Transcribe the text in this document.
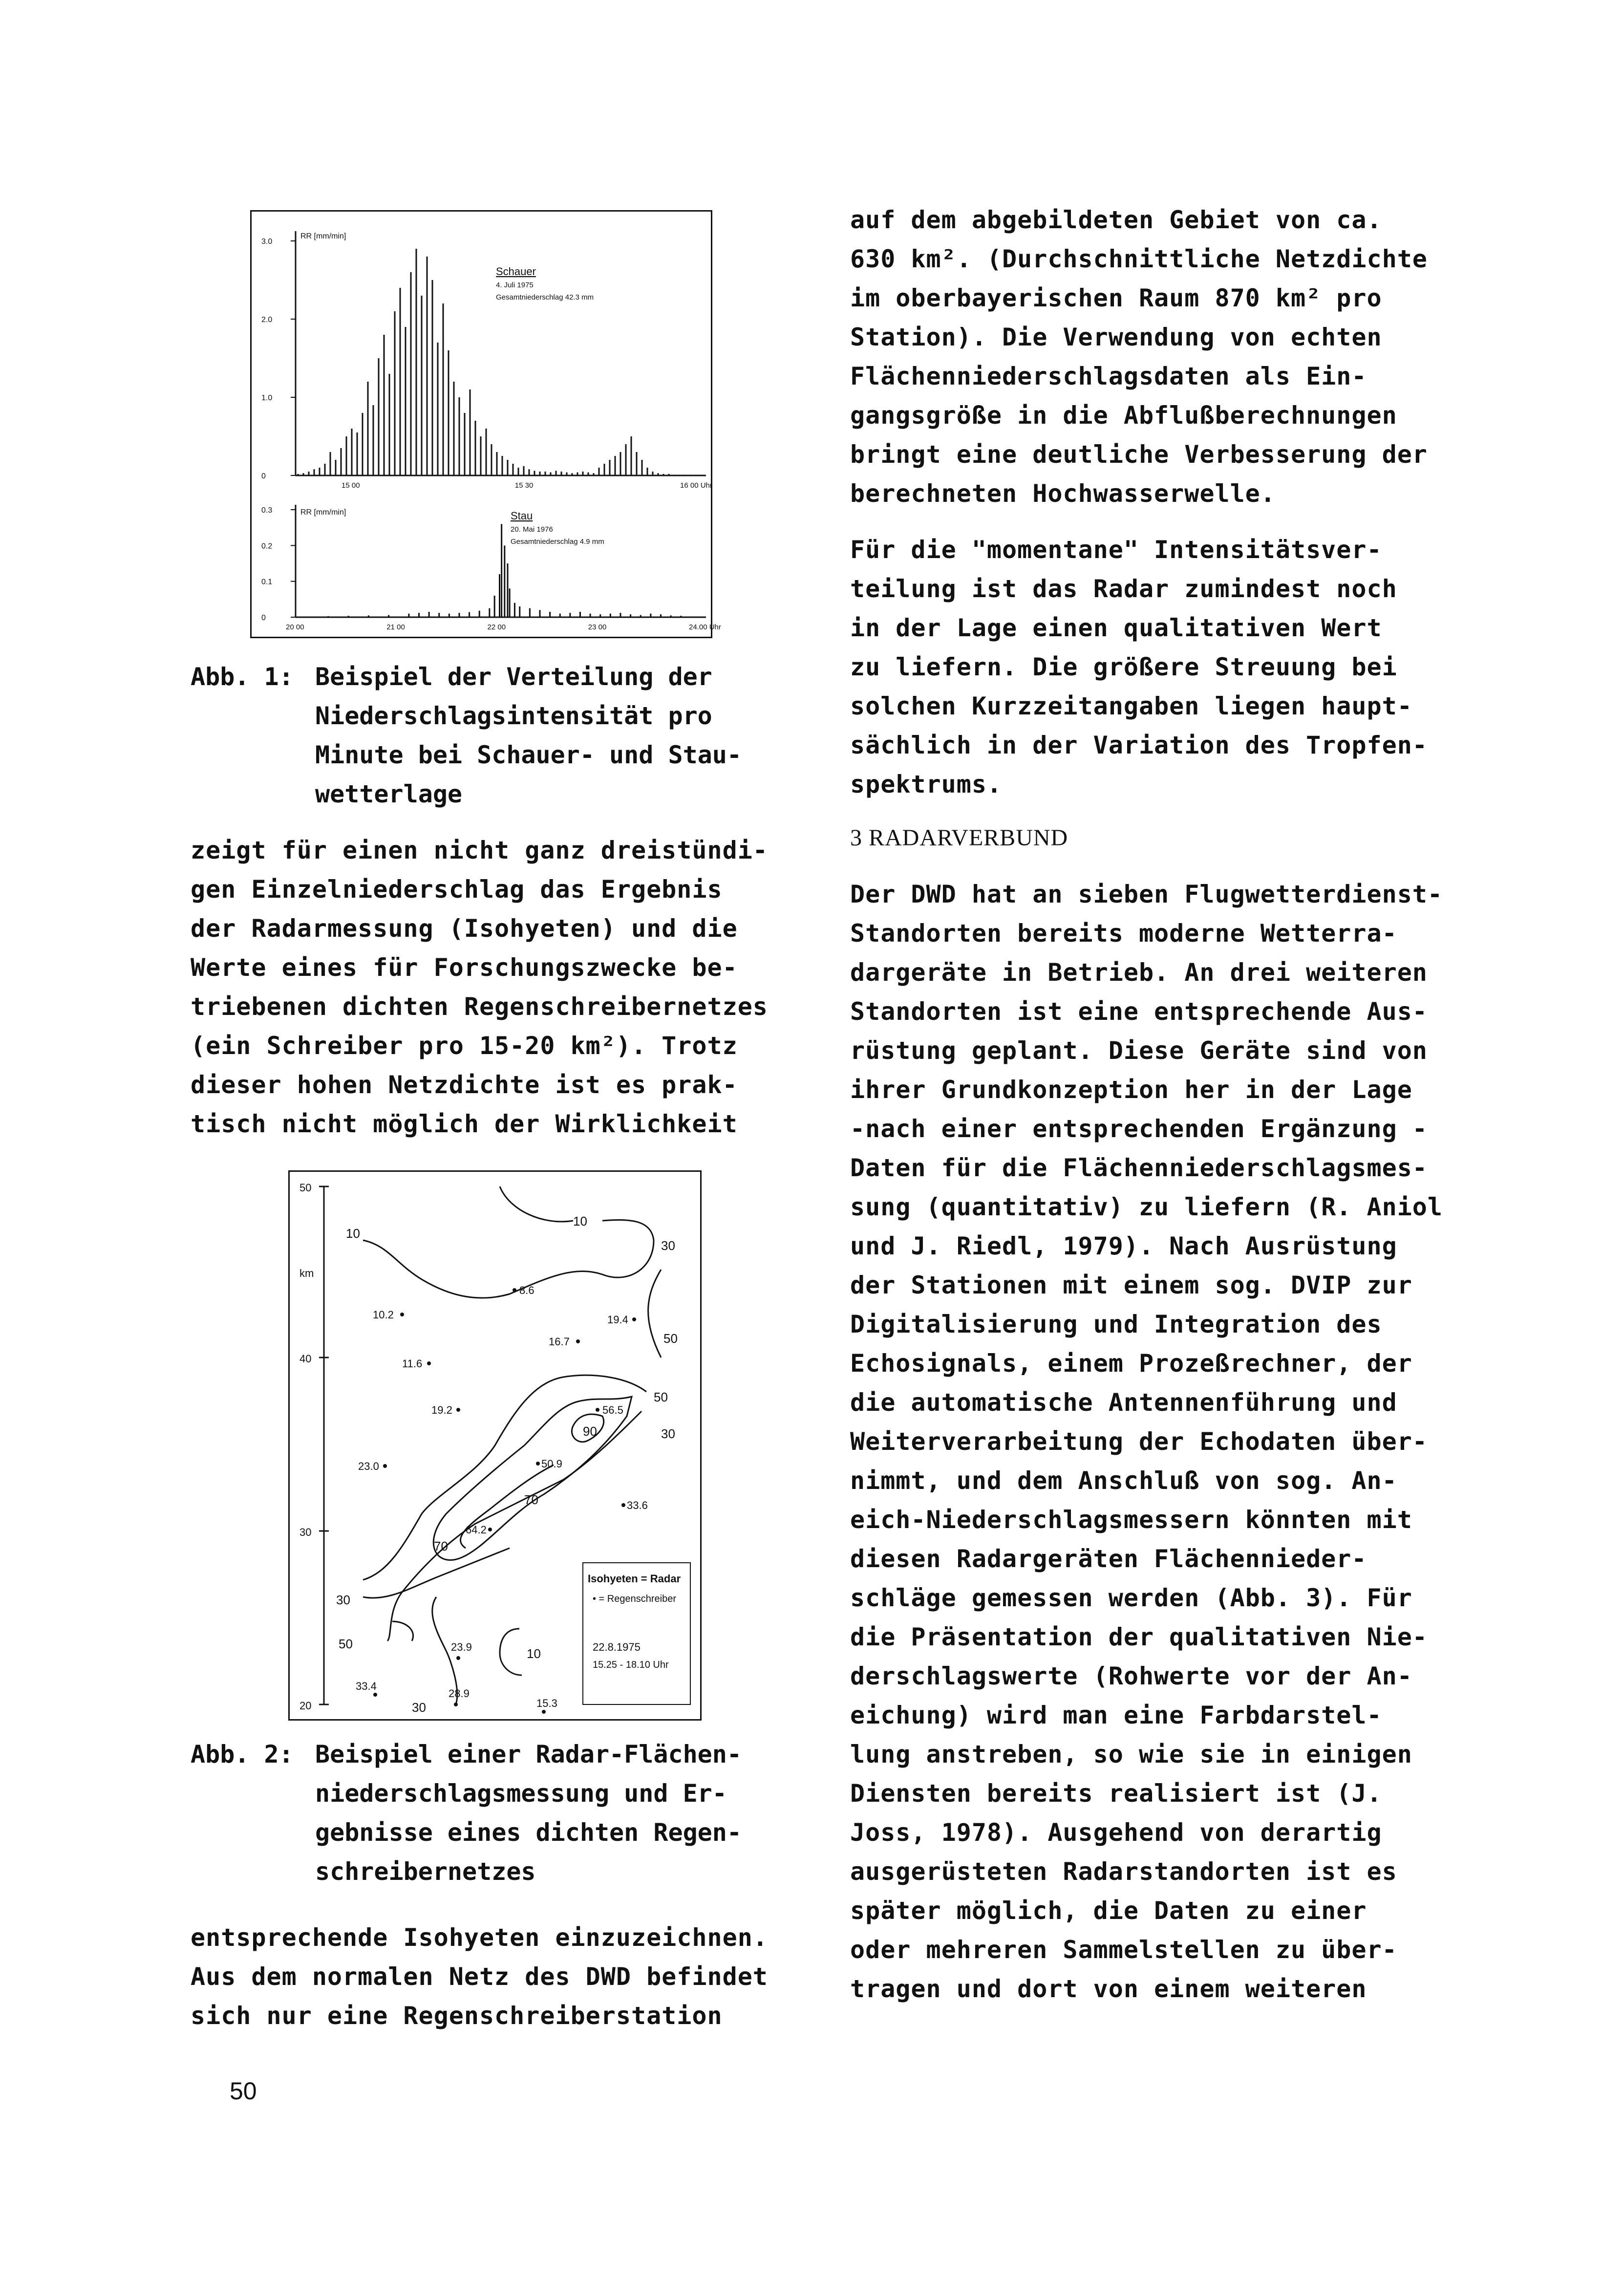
3.0
2.0
1.0
0
15 00	15 30	16 00 Uhr
RR [mm/min]
Schauer
4. Juli 1975
Gesamtniederschlag 42.3 mm
0.3
0.2
0.1
0
20 00	21 00	22 00	23 00	24.00 Uhr
RR [mm/min]	Stau
20. Mai 1976
Gesamtniederschlag 4.9 mm
Abb. 1: Beispiel der Verteilung der
Niederschlagsintensität pro
Minute bei Schauer- und Stau-
wetterlage
zeigt für einen nicht ganz dreistündi-
gen Einzelniederschlag das Ergebnis
der Radarmessung (Isohyeten) und die
Werte eines für Forschungszwecke be-
triebenen dichten Regenschreibernetzes
(ein Schreiber pro 15-20 km²). Trotz
dieser hohen Netzdichte ist es prak-
tisch nicht möglich der Wirklichkeit
50
40
30
20
km
10
10
30
50
50
30
90
70
70
30
50
10
30
8.6
10.2	19.4
16.7
11.6
19.2	56.5
50.9
23.0
33.6
64.2
23.9
33.4
28.9
15.3
Isohyeten = Radar
• = Regenschreiber
22.8.1975
15.25 - 18.10 Uhr
Abb. 2: Beispiel einer Radar-Flächen-
niederschlagsmessung und Er-
gebnisse eines dichten Regen-
schreibernetzes
entsprechende Isohyeten einzuzeichnen.
Aus dem normalen Netz des DWD befindet
sich nur eine Regenschreiberstation
auf dem abgebildeten Gebiet von ca.
630 km². (Durchschnittliche Netzdichte
im oberbayerischen Raum 870 km² pro
Station). Die Verwendung von echten
Flächenniederschlagsdaten als Ein-
gangsgröße in die Abflußberechnungen
bringt eine deutliche Verbesserung der
berechneten Hochwasserwelle.
Für die "momentane" Intensitätsver-
teilung ist das Radar zumindest noch
in der Lage einen qualitativen Wert
zu liefern. Die größere Streuung bei
solchen Kurzzeitangaben liegen haupt-
sächlich in der Variation des Tropfen-
spektrums.
3 RADARVERBUND
Der DWD hat an sieben Flugwetterdienst-
Standorten bereits moderne Wetterra-
dargeräte in Betrieb. An drei weiteren
Standorten ist eine entsprechende Aus-
rüstung geplant. Diese Geräte sind von
ihrer Grundkonzeption her in der Lage
-nach einer entsprechenden Ergänzung -
Daten für die Flächenniederschlagsmes-
sung (quantitativ) zu liefern (R. Aniol
und J. Riedl, 1979). Nach Ausrüstung
der Stationen mit einem sog. DVIP zur
Digitalisierung und Integration des
Echosignals, einem Prozeßrechner, der
die automatische Antennenführung und
Weiterverarbeitung der Echodaten über-
nimmt, und dem Anschluß von sog. An-
eich-Niederschlagsmessern könnten mit
diesen Radargeräten Flächennieder-
schläge gemessen werden (Abb. 3). Für
die Präsentation der qualitativen Nie-
derschlagswerte (Rohwerte vor der An-
eichung) wird man eine Farbdarstel-
lung anstreben, so wie sie in einigen
Diensten bereits realisiert ist (J.
Joss, 1978). Ausgehend von derartig
ausgerüsteten Radarstandorten ist es
später möglich, die Daten zu einer
oder mehreren Sammelstellen zu über-
tragen und dort von einem weiteren
50
